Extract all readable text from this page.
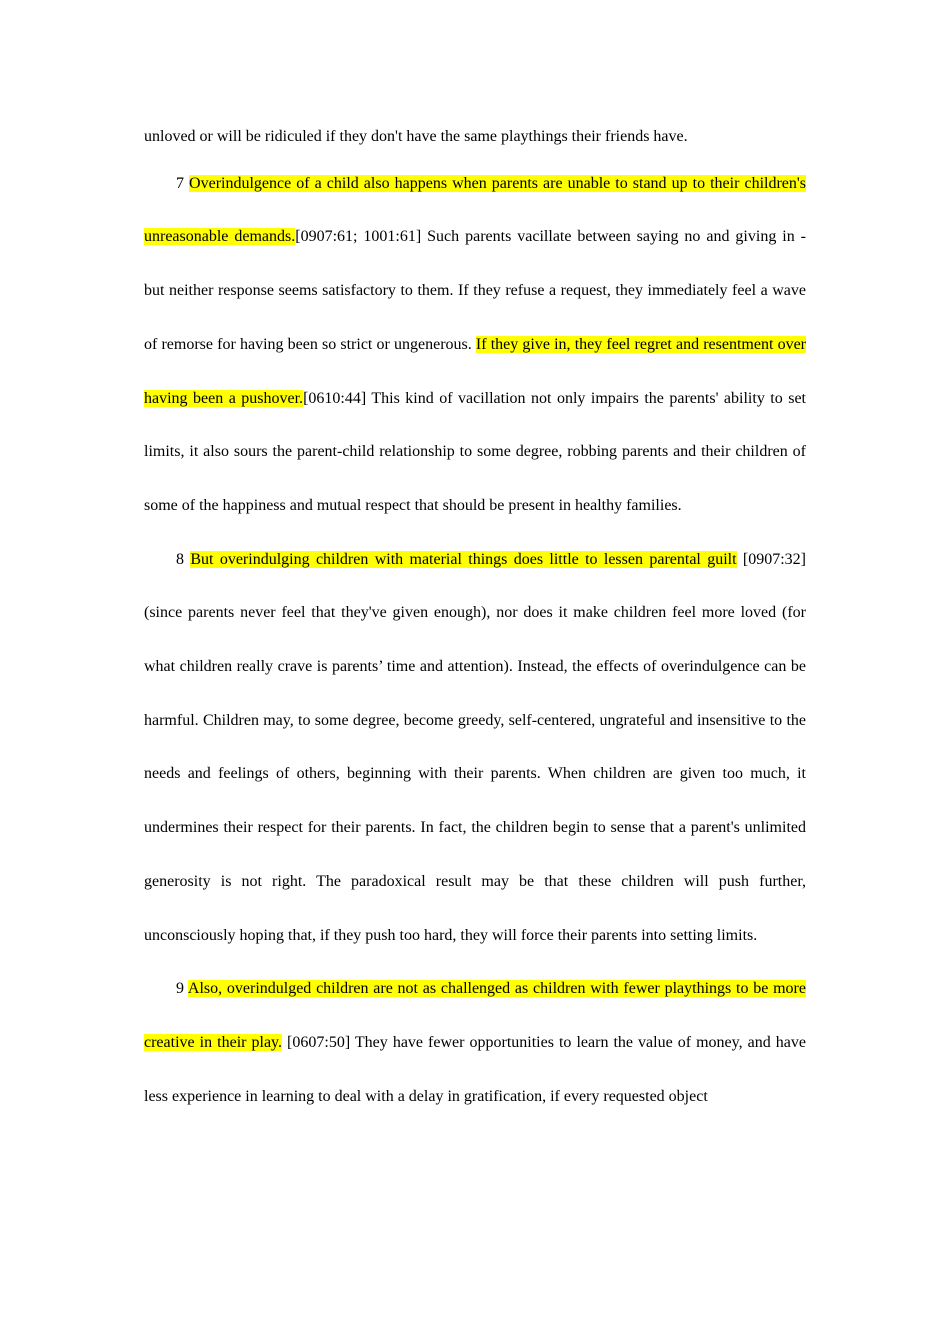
unloved or will be ridiculed if they don't have the same playthings their friends have.

7 Overindulgence of a child also happens when parents are unable to stand up to their children's unreasonable demands.[0907:61; 1001:61] Such parents vacillate between saying no and giving in - but neither response seems satisfactory to them. If they refuse a request, they immediately feel a wave of remorse for having been so strict or ungenerous. If they give in, they feel regret and resentment over having been a pushover.[0610:44] This kind of vacillation not only impairs the parents' ability to set limits, it also sours the parent-child relationship to some degree, robbing parents and their children of some of the happiness and mutual respect that should be present in healthy families.

8 But overindulging children with material things does little to lessen parental guilt [0907:32] (since parents never feel that they've given enough), nor does it make children feel more loved (for what children really crave is parents’ time and attention). Instead, the effects of overindulgence can be harmful. Children may, to some degree, become greedy, self-centered, ungrateful and insensitive to the needs and feelings of others, beginning with their parents. When children are given too much, it undermines their respect for their parents. In fact, the children begin to sense that a parent's unlimited generosity is not right. The paradoxical result may be that these children will push further, unconsciously hoping that, if they push too hard, they will force their parents into setting limits.

9 Also, overindulged children are not as challenged as children with fewer playthings to be more creative in their play. [0607:50] They have fewer opportunities to learn the value of money, and have less experience in learning to deal with a delay in gratification, if every requested object
